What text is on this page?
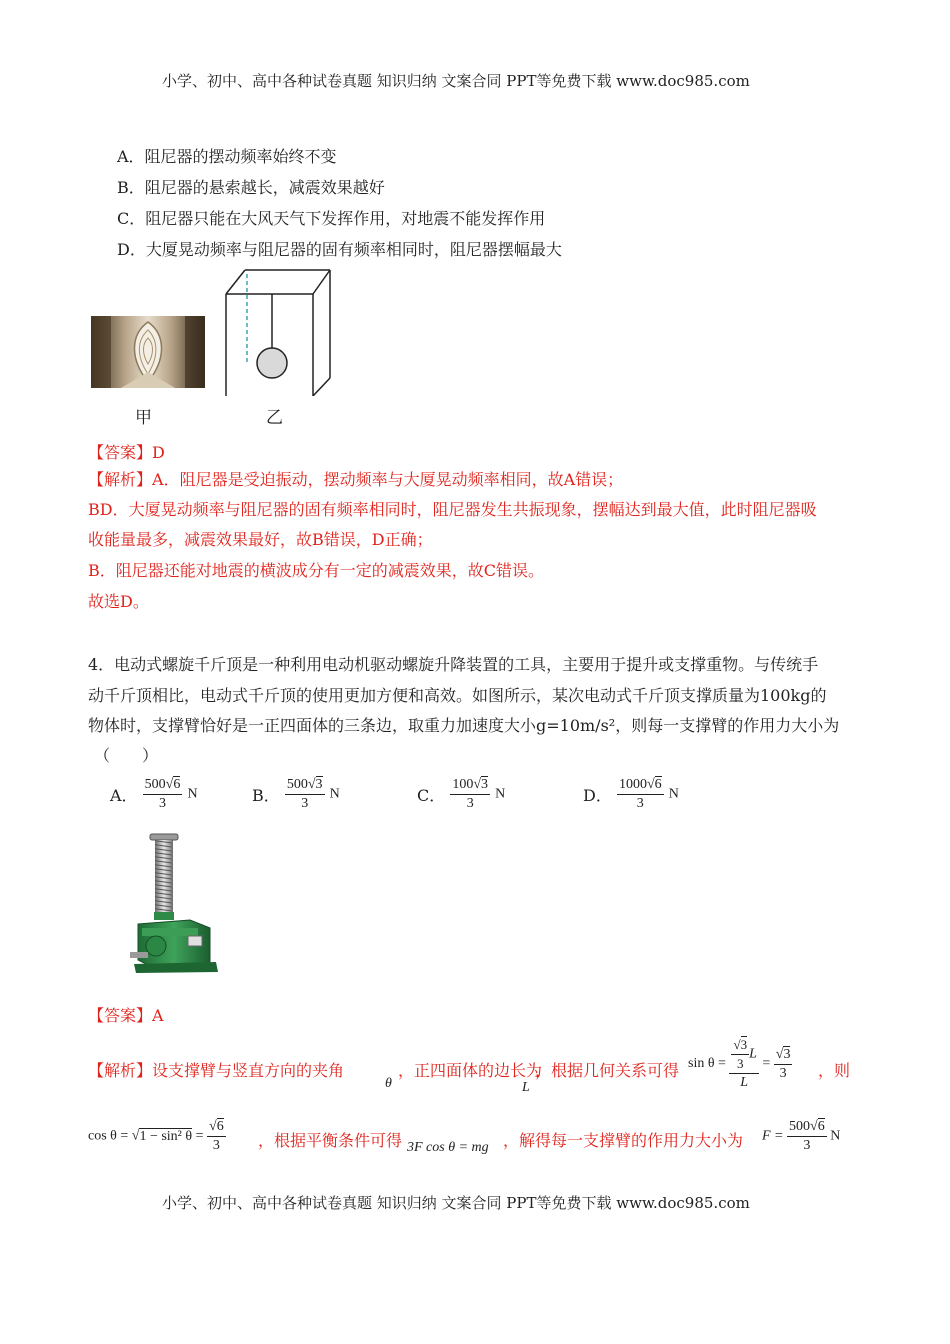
小学、初中、高中各种试卷真题 知识归纳 文案合同 PPT等免费下载 www.doc985.com
A．阻尼器的摆动频率始终不变
B．阻尼器的悬索越长，减震效果越好
C．阻尼器只能在大风天气下发挥作用，对地震不能发挥作用
D．大厦晃动频率与阻尼器的固有频率相同时，阻尼器摆幅最大
甲	乙
【答案】D
【解析】A．阻尼器是受迫振动，摆动频率与大厦晃动频率相同，故A错误；
BD．大厦晃动频率与阻尼器的固有频率相同时，阻尼器发生共振现象，摆幅达到最大值，此时阻尼器吸
收能量最多，减震效果最好，故B错误，D正确；
B．阻尼器还能对地震的横波成分有一定的减震效果，故C错误。
故选D。
4．电动式螺旋千斤顶是一种利用电动机驱动螺旋升降装置的工具，主要用于提升或支撑重物。与传统手
动千斤顶相比，电动式千斤顶的使用更加方便和高效。如图所示，某次电动式千斤顶支撑质量为100kg的
物体时，支撑臂恰好是一正四面体的三条边，取重力加速度大小g=10m/s²，则每一支撑臂的作用力大小为
（　　）
A． $\frac{500√6}{3}$ N	B． $\frac{500√3}{3}$ N	C． $\frac{100√3}{3}$ N	D． $\frac{1000√6}{3}$ N
【答案】A
【解析】设支撑臂与竖直方向的夹角
θ
，正四面体的边长为
L
，根据几何关系可得 $\sin \theta = \frac{\frac{√3}{3} L}{L} = \frac{√3}{3}$ ，则
cos θ = √1 − sin² $\theta = \frac{√6}{3}$ ，根据平衡条件可得 3F cos θ = mg ，解得每一支撑臂的作用力大小为 $F = \frac{500√6}{3}$ N
小学、初中、高中各种试卷真题 知识归纳 文案合同 PPT等免费下载 www.doc985.com
